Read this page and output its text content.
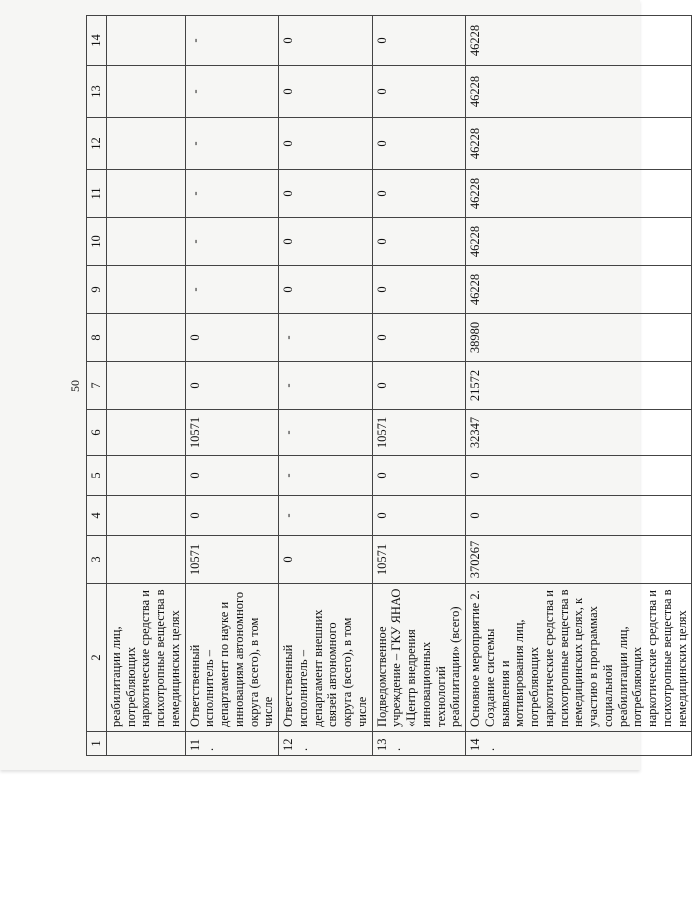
50
1	2	3	4	5	6	7	8	9	10	11	12	13	14
	реабилитации лиц, потребляющих наркотические средства и психотропные вещества в немедицинских целях												
11.	Ответственный исполнитель – департамент по науке и инновациям автономного округа (всего), в том числе	10571	0	0	10571	0	0	-	-	-	-	-	-
12.	Ответственный исполнитель – департамент внешних связей автономного округа (всего), в том числе	0	-	-	-	-	-	0	0	0	0	0	0
13.	Подведомственное учреждение – ГКУ ЯНАО «Центр внедрения инновационных технологий реабилитации» (всего)	10571	0	0	10571	0	0	0	0	0	0	0	0
14.	Основное мероприятие 2. Создание системы выявления и мотивирования лиц, потребляющих наркотические средства и психотропные вещества в немедицинских целях, к участию в программах социальной реабилитации лиц, потребляющих наркотические средства и психотропные вещества в немедицинских целях	370267	0	0	32347	21572	38980	46228	46228	46228	46228	46228	46228
